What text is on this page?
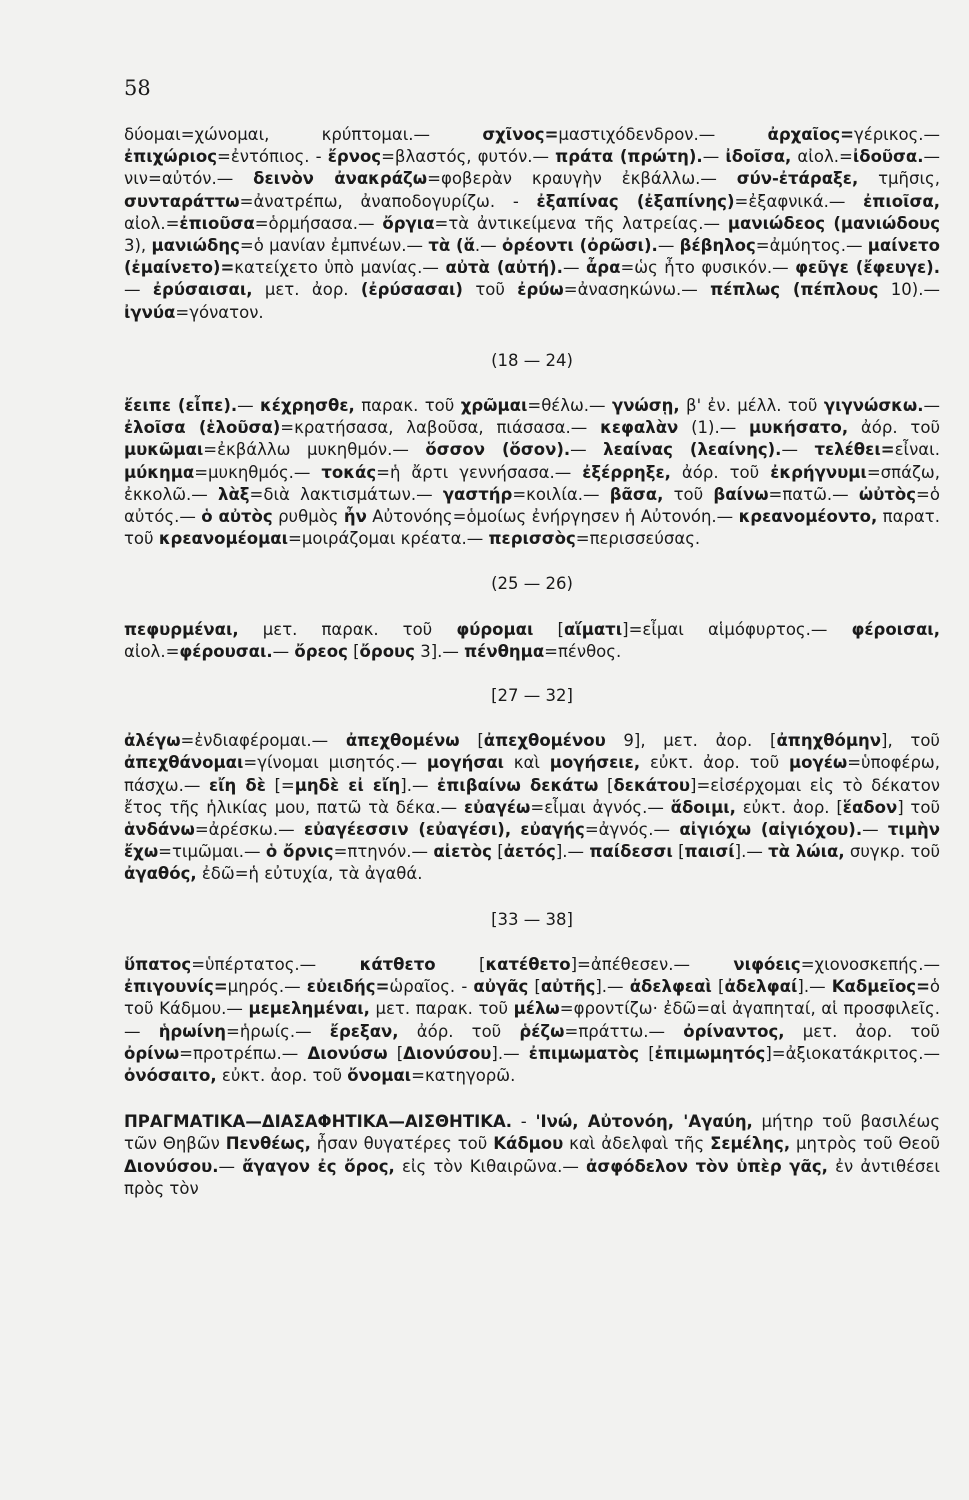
58

δύομαι=χώνομαι, κρύπτομαι.— σχῖνος=μαστιχόδενδρον.— ἀρχαῖος=γέρικος.— ἐπιχώριος=ἐντόπιος. - ἔρνος=βλαστός, φυτόν.— πράτα (πρώτη).— ἰδοῖσα, αἰολ.=ἰδοῦσα.— νιν=αὐτόν.— δεινὸν ἀνακράζω=φοβερὰν κραυγὴν ἐκβάλλω.— σύν-ἐτάραξε, τμῆσις, συνταράττω=ἀνατρέπω, ἀναποδογυρίζω. - ἐξαπίνας (ἐξαπίνης)=ἐξαφνικά.— ἐπιοῖσα, αἰολ.=ἐπιοῦσα=ὁρμήσασα.— ὄργια=τὰ ἀντικείμενα τῆς λατρείας.— μανιώδεος (μανιώδους 3), μανιώδης=ὁ μανίαν ἐμπνέων.— τὰ (ἅ.— ὀρέοντι (ὀρῶσι).— βέβηλος=ἀμύητος.— μαίνετο (ἐμαίνετο)=κατείχετο ὑπὸ μανίας.— αὐτὰ (αὐτή).— ἆρα=ὡς ἦτο φυσικόν.— φεῦγε (ἔφευγε).— ἐρύσαισαι, μετ. ἀορ. (ἐρύσασαι) τοῦ ἐρύω=ἀνασηκώνω.— πέπλως (πέπλους 10).— ἰγνύα=γόνατον.

(18 — 24)

ἔειπε (εἶπε).— κέχρησθε, παρακ. τοῦ χρῶμαι=θέλω.— γνώσῃ, β' ἐν. μέλλ. τοῦ γιγνώσκω.— ἐλοῖσα (ἑλοῦσα)=κρατήσασα, λαβοῦσα, πιάσασα.— κεφαλὰν (1).— μυκήσατο, ἀόρ. τοῦ μυκῶμαι=ἐκβάλλω μυκηθμόν.— ὅσσον (ὅσον).— λεαίνας (λεαίνης).— τελέθει=εἶναι. μύκημα=μυκηθμός.— τοκάς=ἡ ἄρτι γεννήσασα.— ἐξέρρηξε, ἀόρ. τοῦ ἐκρήγνυμι=σπάζω, ἐκκολῶ.— λὰξ=διὰ λακτισμάτων.— γαστήρ=κοιλία.— βᾶσα, τοῦ βαίνω=πατῶ.— ὠὐτὸς=ὁ αὐτός.— ὁ αὐτὸς ρυθμὸς ἦν Αὐτονόης=ὁμοίως ἐνήργησεν ἡ Αὐτονόη.— κρεανομέοντο, παρατ. τοῦ κρεανομέομαι=μοιράζομαι κρέατα.— περισσὸς=περισσεύσας.

(25 — 26)

πεφυρμέναι, μετ. παρακ. τοῦ φύρομαι [αἵματι]=εἶμαι αἱμόφυρτος.— φέροισαι, αἰολ.=φέρουσαι.— ὄρεος [ὄρους 3].— πένθημα=πένθος.

[27 — 32]

ἀλέγω=ἐνδιαφέρομαι.— ἀπεχθομένω [ἀπεχθομένου 9], μετ. ἀορ. [ἀπηχθόμην], τοῦ ἀπεχθάνομαι=γίνομαι μισητός.— μογήσαι καὶ μογήσειε, εὐκτ. ἀορ. τοῦ μογέω=ὑποφέρω, πάσχω.— εἴη δὲ [=μηδὲ εἰ εἴη].— ἐπιβαίνω δεκάτω [δεκάτου]=εἰσέρχομαι εἰς τὸ δέκατον ἔτος τῆς ἡλικίας μου, πατῶ τὰ δέκα.— εὐαγέω=εἶμαι ἀγνός.— ἅδοιμι, εὐκτ. ἀορ. [ἕαδον] τοῦ ἁνδάνω=ἀρέσκω.— εὐαγέεσσιν (εὐαγέσι), εὐαγής=ἀγνός.— αἰγιόχω (αἰγιόχου).— τιμὴν ἔχω=τιμῶμαι.— ὁ ὄρνις=πτηνόν.— αἰετὸς [ἀετός].— παίδεσσι [παισί].— τὰ λώια, συγκρ. τοῦ ἀγαθός, ἐδῶ=ἡ εὐτυχία, τὰ ἀγαθά.

[33 — 38]

ὕπατος=ὑπέρτατος.— κάτθετο [κατέθετο]=ἀπέθεσεν.— νιφόεις=χιονοσκεπής.— ἐπιγουνίς=μηρός.— εὐειδής=ὡραῖος. - αὐγᾶς [αὐτῆς].— ἀδελφεαὶ [ἀδελφαί].— Καδμεῖος=ὁ τοῦ Κάδμου.— μεμελημέναι, μετ. παρακ. τοῦ μέλω=φροντίζω· ἐδῶ=αἱ ἀγαπηταί, αἱ προσφιλεῖς.— ἡρωίνη=ἡρωίς.— ἔρεξαν, ἀόρ. τοῦ ῥέζω=πράττω.— ὀρίναντος, μετ. ἀορ. τοῦ ὀρίνω=προτρέπω.— Διονύσω [Διονύσου].— ἐπιμωματὸς [ἐπιμωμητός]=ἀξιοκατάκριτος.— ὀνόσαιτο, εὐκτ. ἀορ. τοῦ ὄνομαι=κατηγορῶ.

ΠΡΑΓΜΑΤΙΚΑ—ΔΙΑΣΑΦΗΤΙΚΑ—ΑΙΣΘΗΤΙΚΑ. - 'Ινώ, Αὐτονόη, 'Αγαύη, μήτηρ τοῦ βασιλέως τῶν Θηβῶν Πενθέως, ἦσαν θυγατέρες τοῦ Κάδμου καὶ ἀδελφαὶ τῆς Σεμέλης, μητρὸς τοῦ Θεοῦ Διονύσου.— ἄγαγον ἐς ὄρος, εἰς τὸν Κιθαιρῶνα.— ἀσφόδελον τὸν ὑπὲρ γᾶς, ἐν ἀντιθέσει πρὸς τὸν
